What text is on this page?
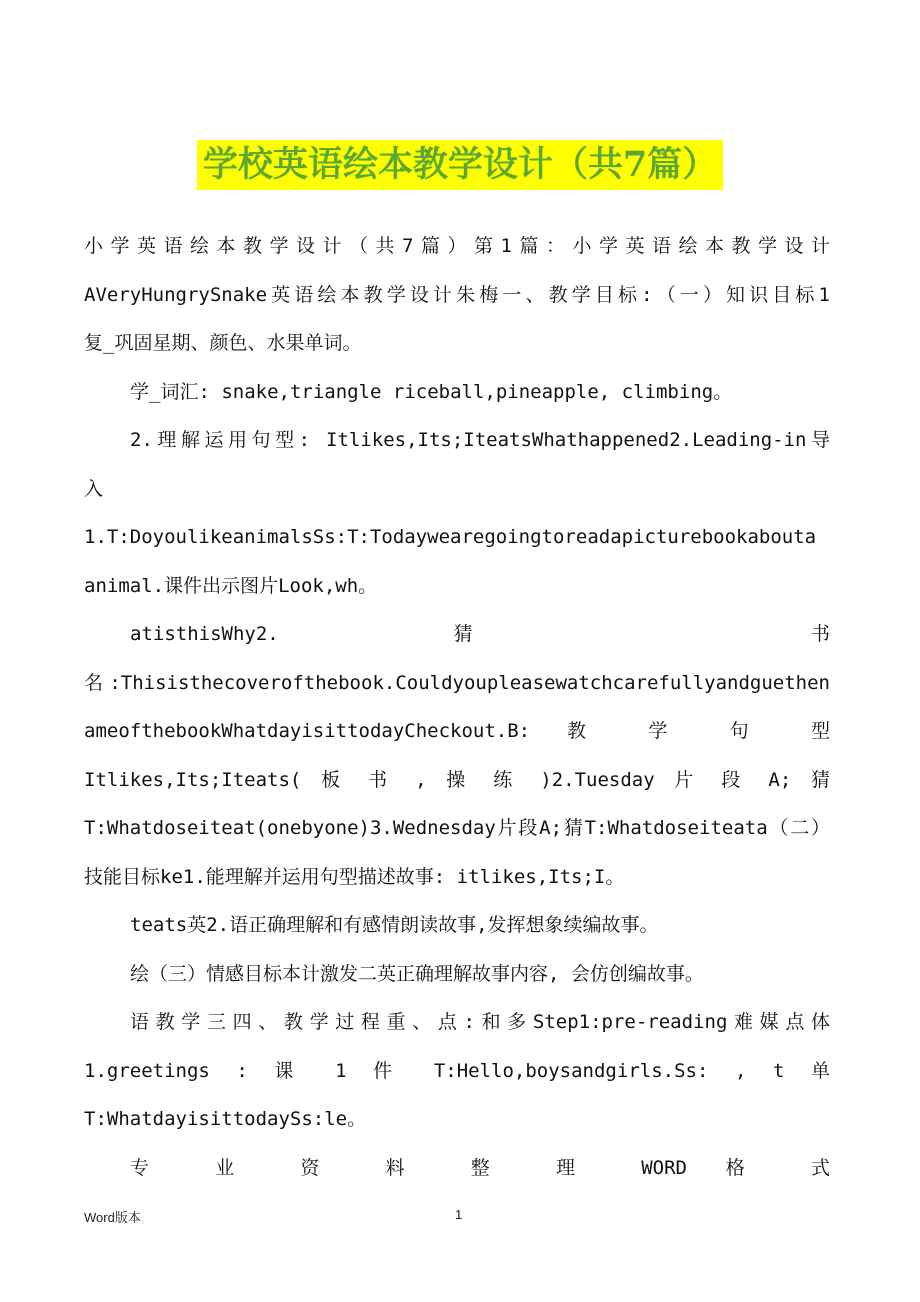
学校英语绘本教学设计（共7篇）

小学英语绘本教学设计（共7篇）第1篇：小学英语绘本教学设计

AVeryHungrySnake英语绘本教学设计朱梅一、教学目标:（一）知识目标1

复_巩固星期、颜色、水果单词。

学_词汇: snake,triangle riceball,pineapple, climbing。

2.理解运用句型: Itlikes,Its;IteatsWhathappened2.Leading-in导

入

1.T:DoyoulikeanimalsSs:T:Todaywearegoingtoreadapicturebookabouta

animal.课件出示图片Look,wh。

atisthisWhy2. 猜 书

名:Thisisthecoverofthebook.Couldyoupleasewatchcarefullyandguethen

ameofthebookWhatdayisittodayCheckout.B: 教 学 句 型

Itlikes,Its;Iteats( 板 书 , 操 练 )2.Tuesday 片 段 A; 猜

T:Whatdoseiteat(onebyone)3.Wednesday片段A;猜T:Whatdoseiteata（二）

技能目标ke1.能理解并运用句型描述故事: itlikes,Its;I。

teats英2.语正确理解和有感情朗读故事,发挥想象续编故事。

绘（三）情感目标本计激发二英正确理解故事内容, 会仿创编故事。

语教学三四、教学过程重、点:和多Step1:pre-reading难媒点体

1.greetings : 课 1 件 T:Hello,boysandgirls.Ss: , t 单

T:WhatdayisittodaySs:le。

专 业 资 料 整 理 WORD 格 式

Word版本	1
